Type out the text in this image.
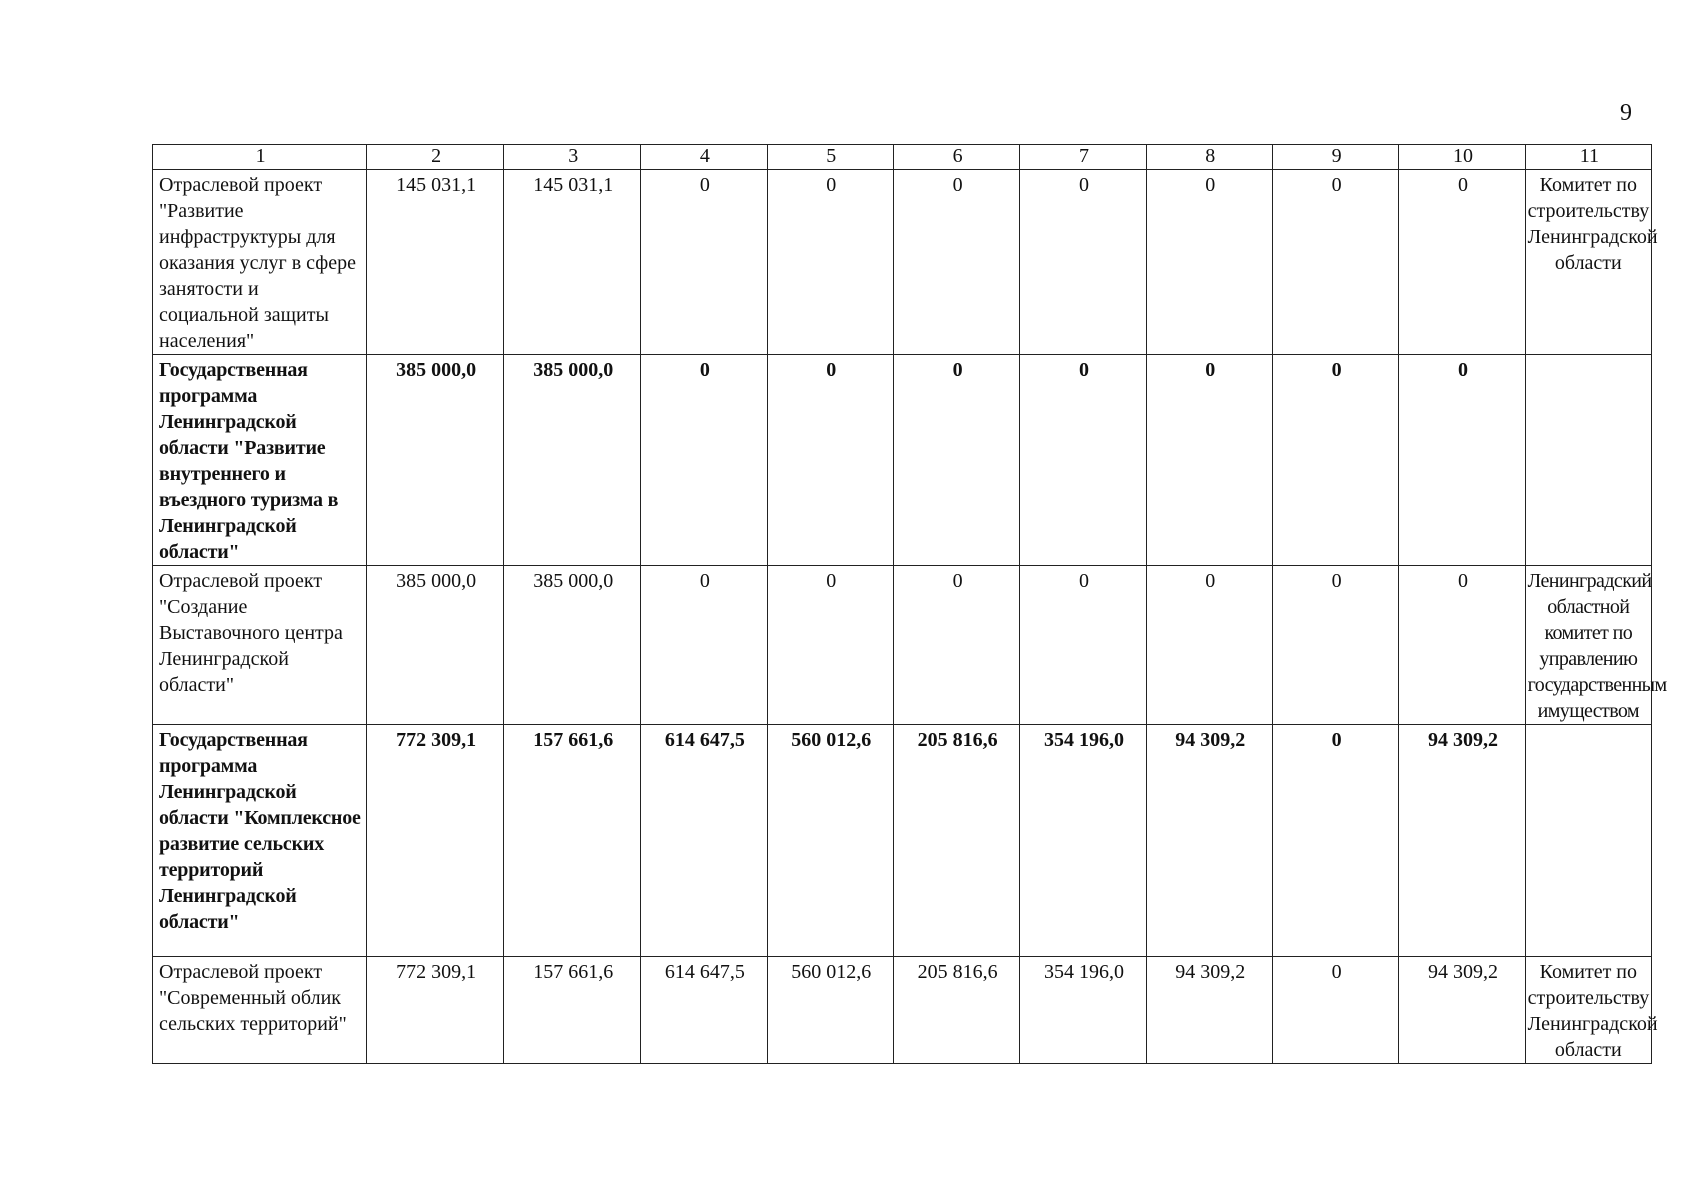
9
1	2	3	4	5	6	7	8	9	10	11
Отраслевой проект "Развитие инфраструктуры для оказания услуг в сфере занятости и социальной защиты населения"	145 031,1	145 031,1	0	0	0	0	0	0	0	Комитет по строительству Ленинградской области
Государственная программа Ленинградской области "Развитие внутреннего и въездного туризма в Ленинградской области"	385 000,0	385 000,0	0	0	0	0	0	0	0	
Отраслевой проект "Создание Выставочного центра Ленинградской области"	385 000,0	385 000,0	0	0	0	0	0	0	0	Ленинградский областной комитет по управлению государственным имуществом
Государственная программа Ленинградской области "Комплексное развитие сельских территорий Ленинградской области"	772 309,1	157 661,6	614 647,5	560 012,6	205 816,6	354 196,0	94 309,2	0	94 309,2	
Отраслевой проект "Современный облик сельских территорий"	772 309,1	157 661,6	614 647,5	560 012,6	205 816,6	354 196,0	94 309,2	0	94 309,2	Комитет по строительству Ленинградской области
